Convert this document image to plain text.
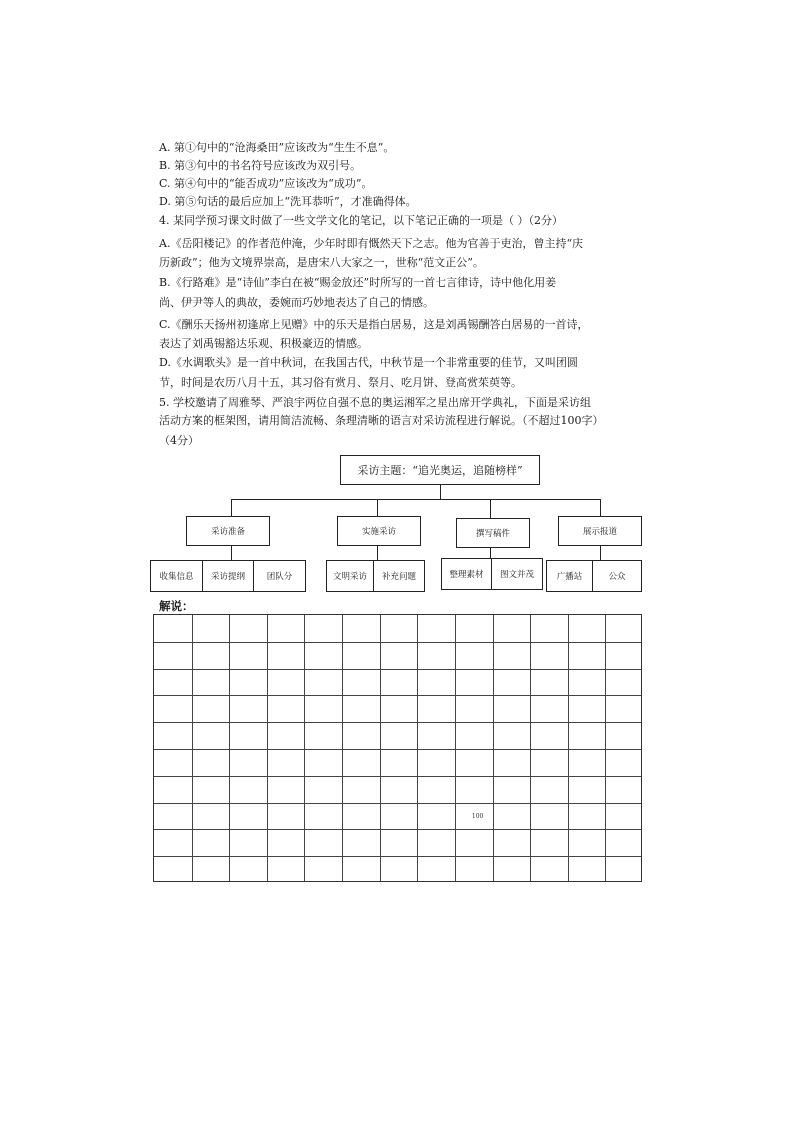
A. 第①句中的“沧海桑田”应该改为“生生不息”。
B. 第③句中的书名符号应该改为双引号。
C. 第④句中的“能否成功”应该改为“成功”。
D. 第⑤句话的最后应加上“洗耳恭听”，才准确得体。
4. 某同学预习课文时做了一些文学文化的笔记，以下笔记正确的一项是（ ）（2分）
A.《岳阳楼记》的作者范仲淹，少年时即有慨然天下之志。他为官善于吏治，曾主持“庆
历新政”；他为文境界崇高，是唐宋八大家之一，世称“范文正公”。
B.《行路难》是“诗仙”李白在被“赐金放还”时所写的一首七言律诗，诗中他化用姜
尚、伊尹等人的典故，委婉而巧妙地表达了自己的情感。
C.《酬乐天扬州初逢席上见赠》中的乐天是指白居易，这是刘禹锡酬答白居易的一首诗，
表达了刘禹锡豁达乐观、积极豪迈的情感。
D.《水调歌头》是一首中秋词，在我国古代，中秋节是一个非常重要的佳节，又叫团圆
节，时间是农历八月十五，其习俗有赏月、祭月、吃月饼、登高赏茱萸等。
5. 学校邀请了周雅琴、严浪宇两位自强不息的奥运湘军之星出席开学典礼，下面是采访组
活动方案的框架图，请用简洁流畅、条理清晰的语言对采访流程进行解说。（不超过100字）
（4分）
采访主题：“追光奥运，追随榜样”
采访准备	实施采访	撰写稿件	展示报道
收集信息	采访提纲	团队分	文明采访	补充问题	整理素材	图文并茂	广播站	公众
解说：
100
